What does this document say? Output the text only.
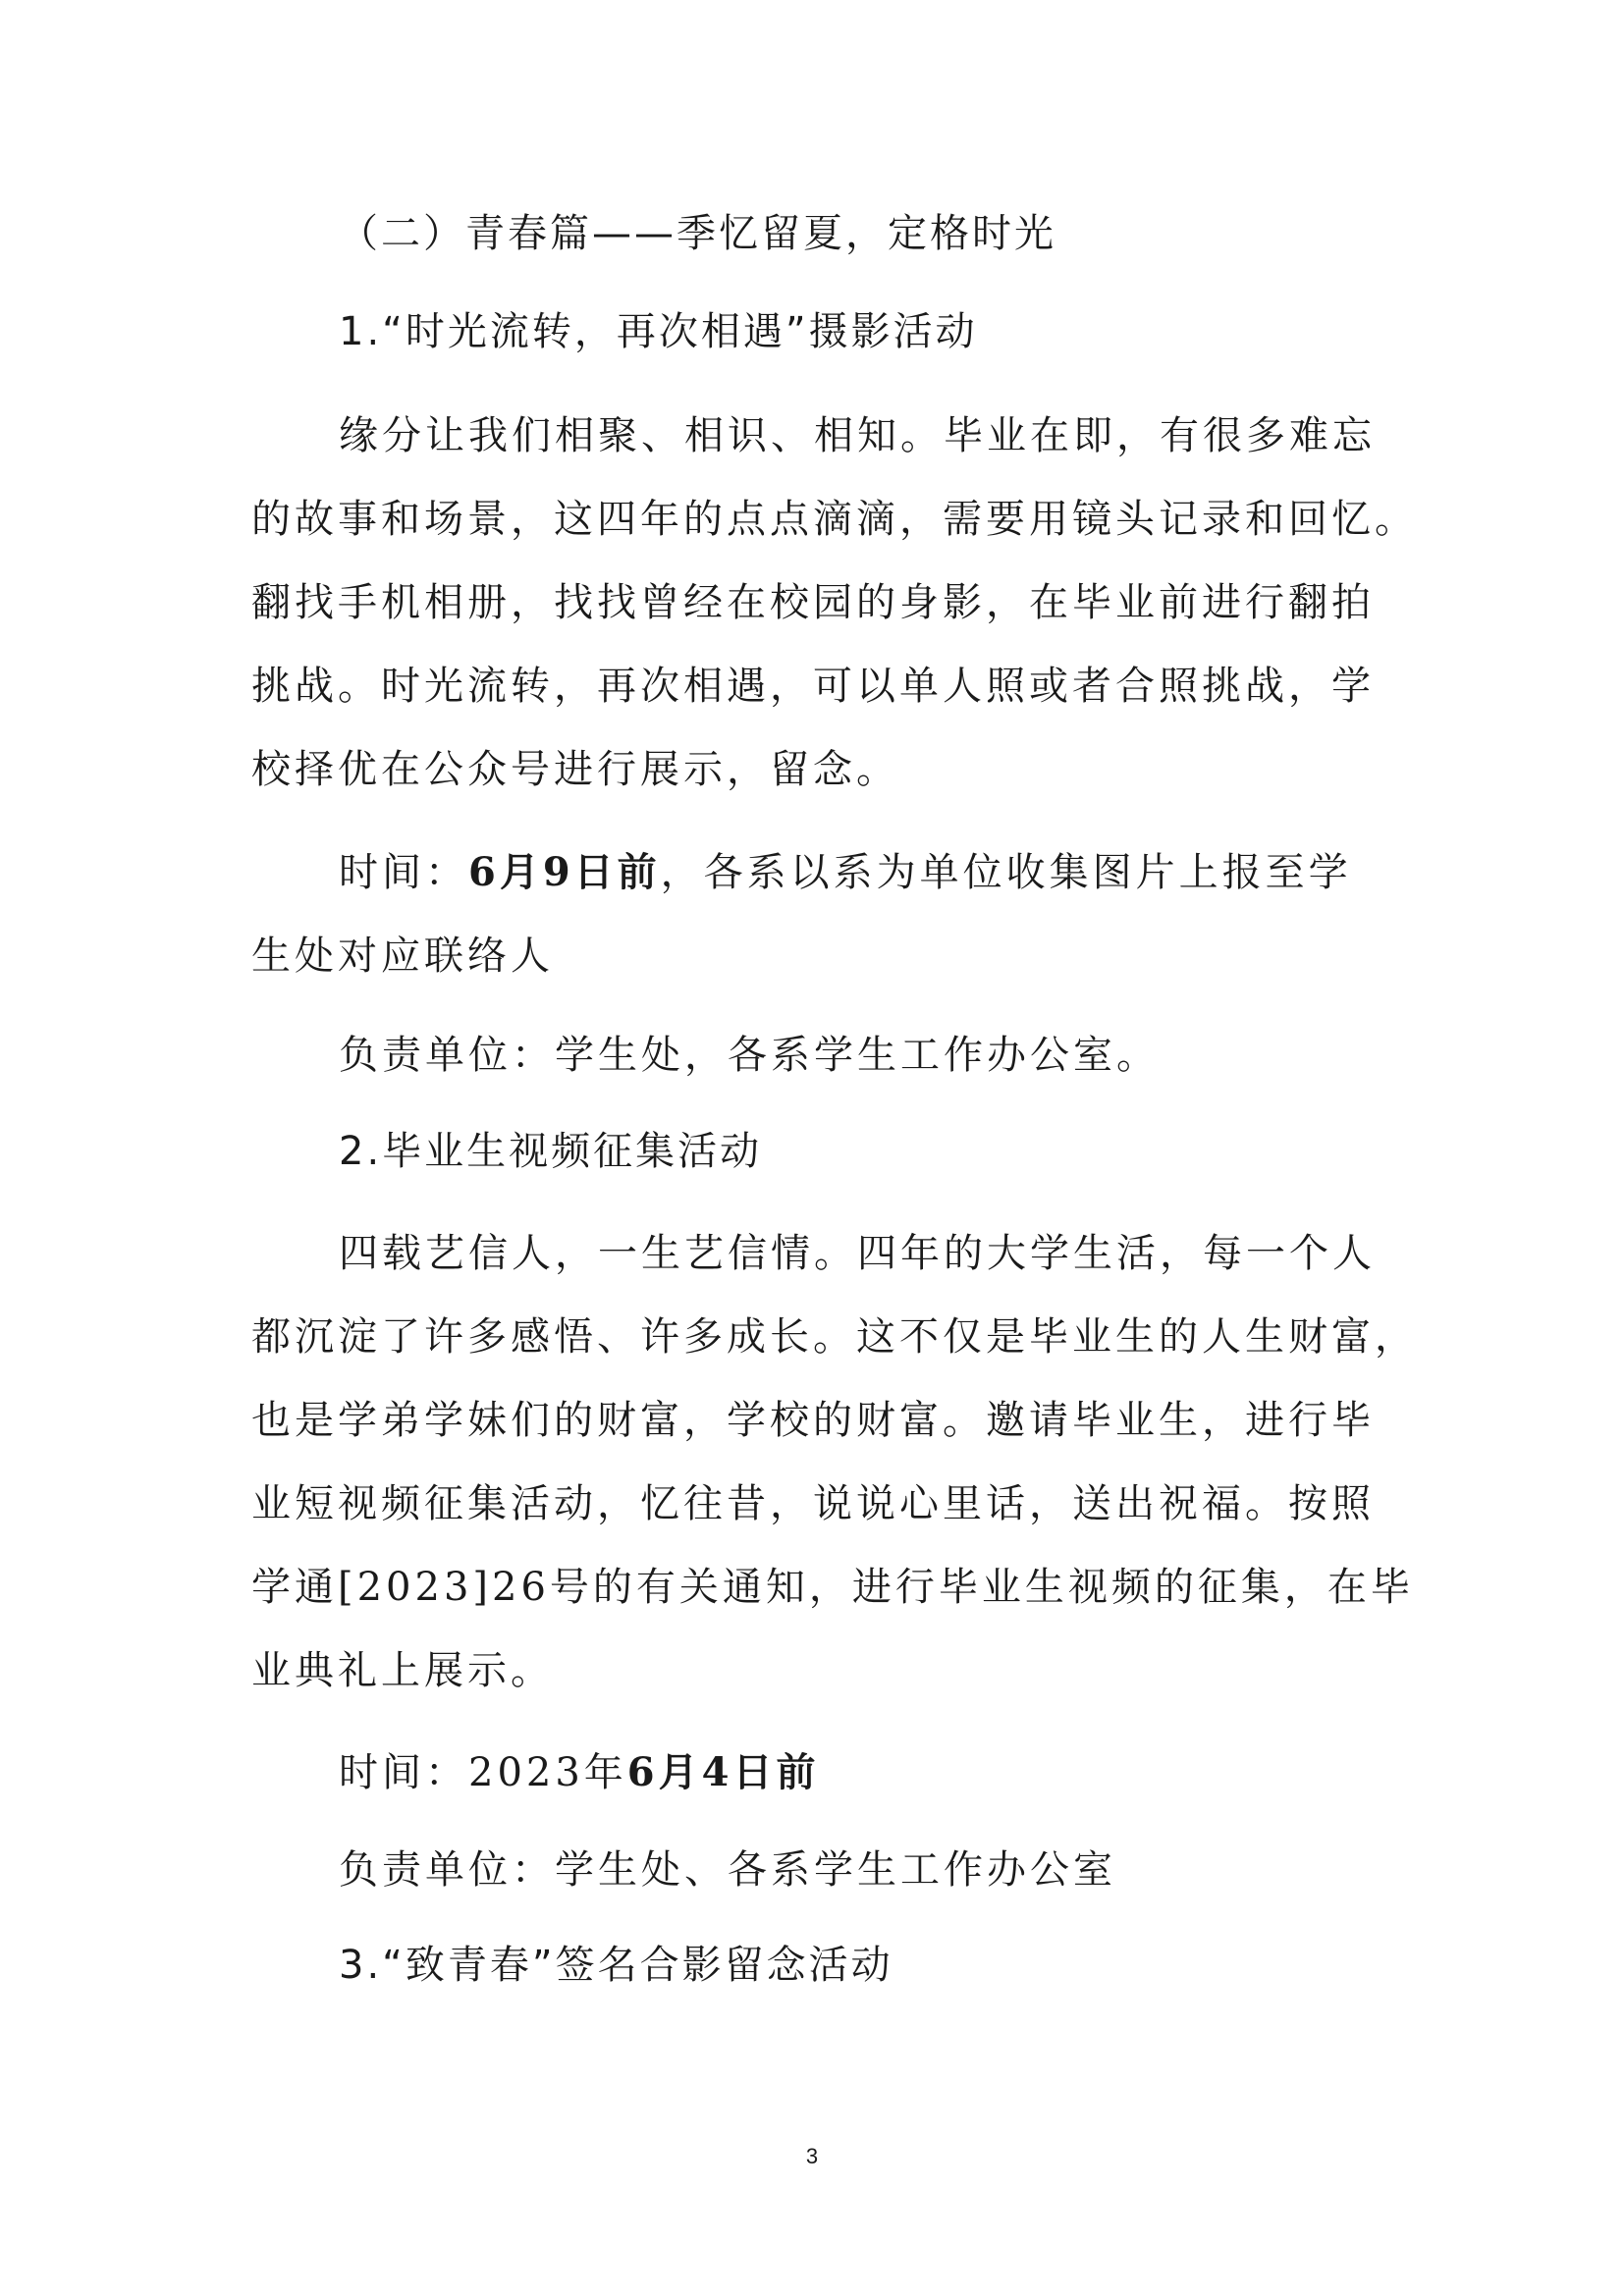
（二）青春篇——季忆留夏，定格时光
1.“时光流转，再次相遇”摄影活动
缘分让我们相聚、相识、相知。毕业在即，有很多难忘
的故事和场景，这四年的点点滴滴，需要用镜头记录和回忆。
翻找手机相册，找找曾经在校园的身影，在毕业前进行翻拍
挑战。时光流转，再次相遇，可以单人照或者合照挑战，学
校择优在公众号进行展示，留念。
时间：6月9日前，各系以系为单位收集图片上报至学
生处对应联络人
负责单位：学生处，各系学生工作办公室。
2.毕业生视频征集活动
四载艺信人，一生艺信情。四年的大学生活，每一个人
都沉淀了许多感悟、许多成长。这不仅是毕业生的人生财富，
也是学弟学妹们的财富，学校的财富。邀请毕业生，进行毕
业短视频征集活动，忆往昔，说说心里话，送出祝福。按照
学通[2023]26号的有关通知，进行毕业生视频的征集，在毕
业典礼上展示。
时间：2023年6月4日前
负责单位：学生处、各系学生工作办公室
3.“致青春”签名合影留念活动
3
